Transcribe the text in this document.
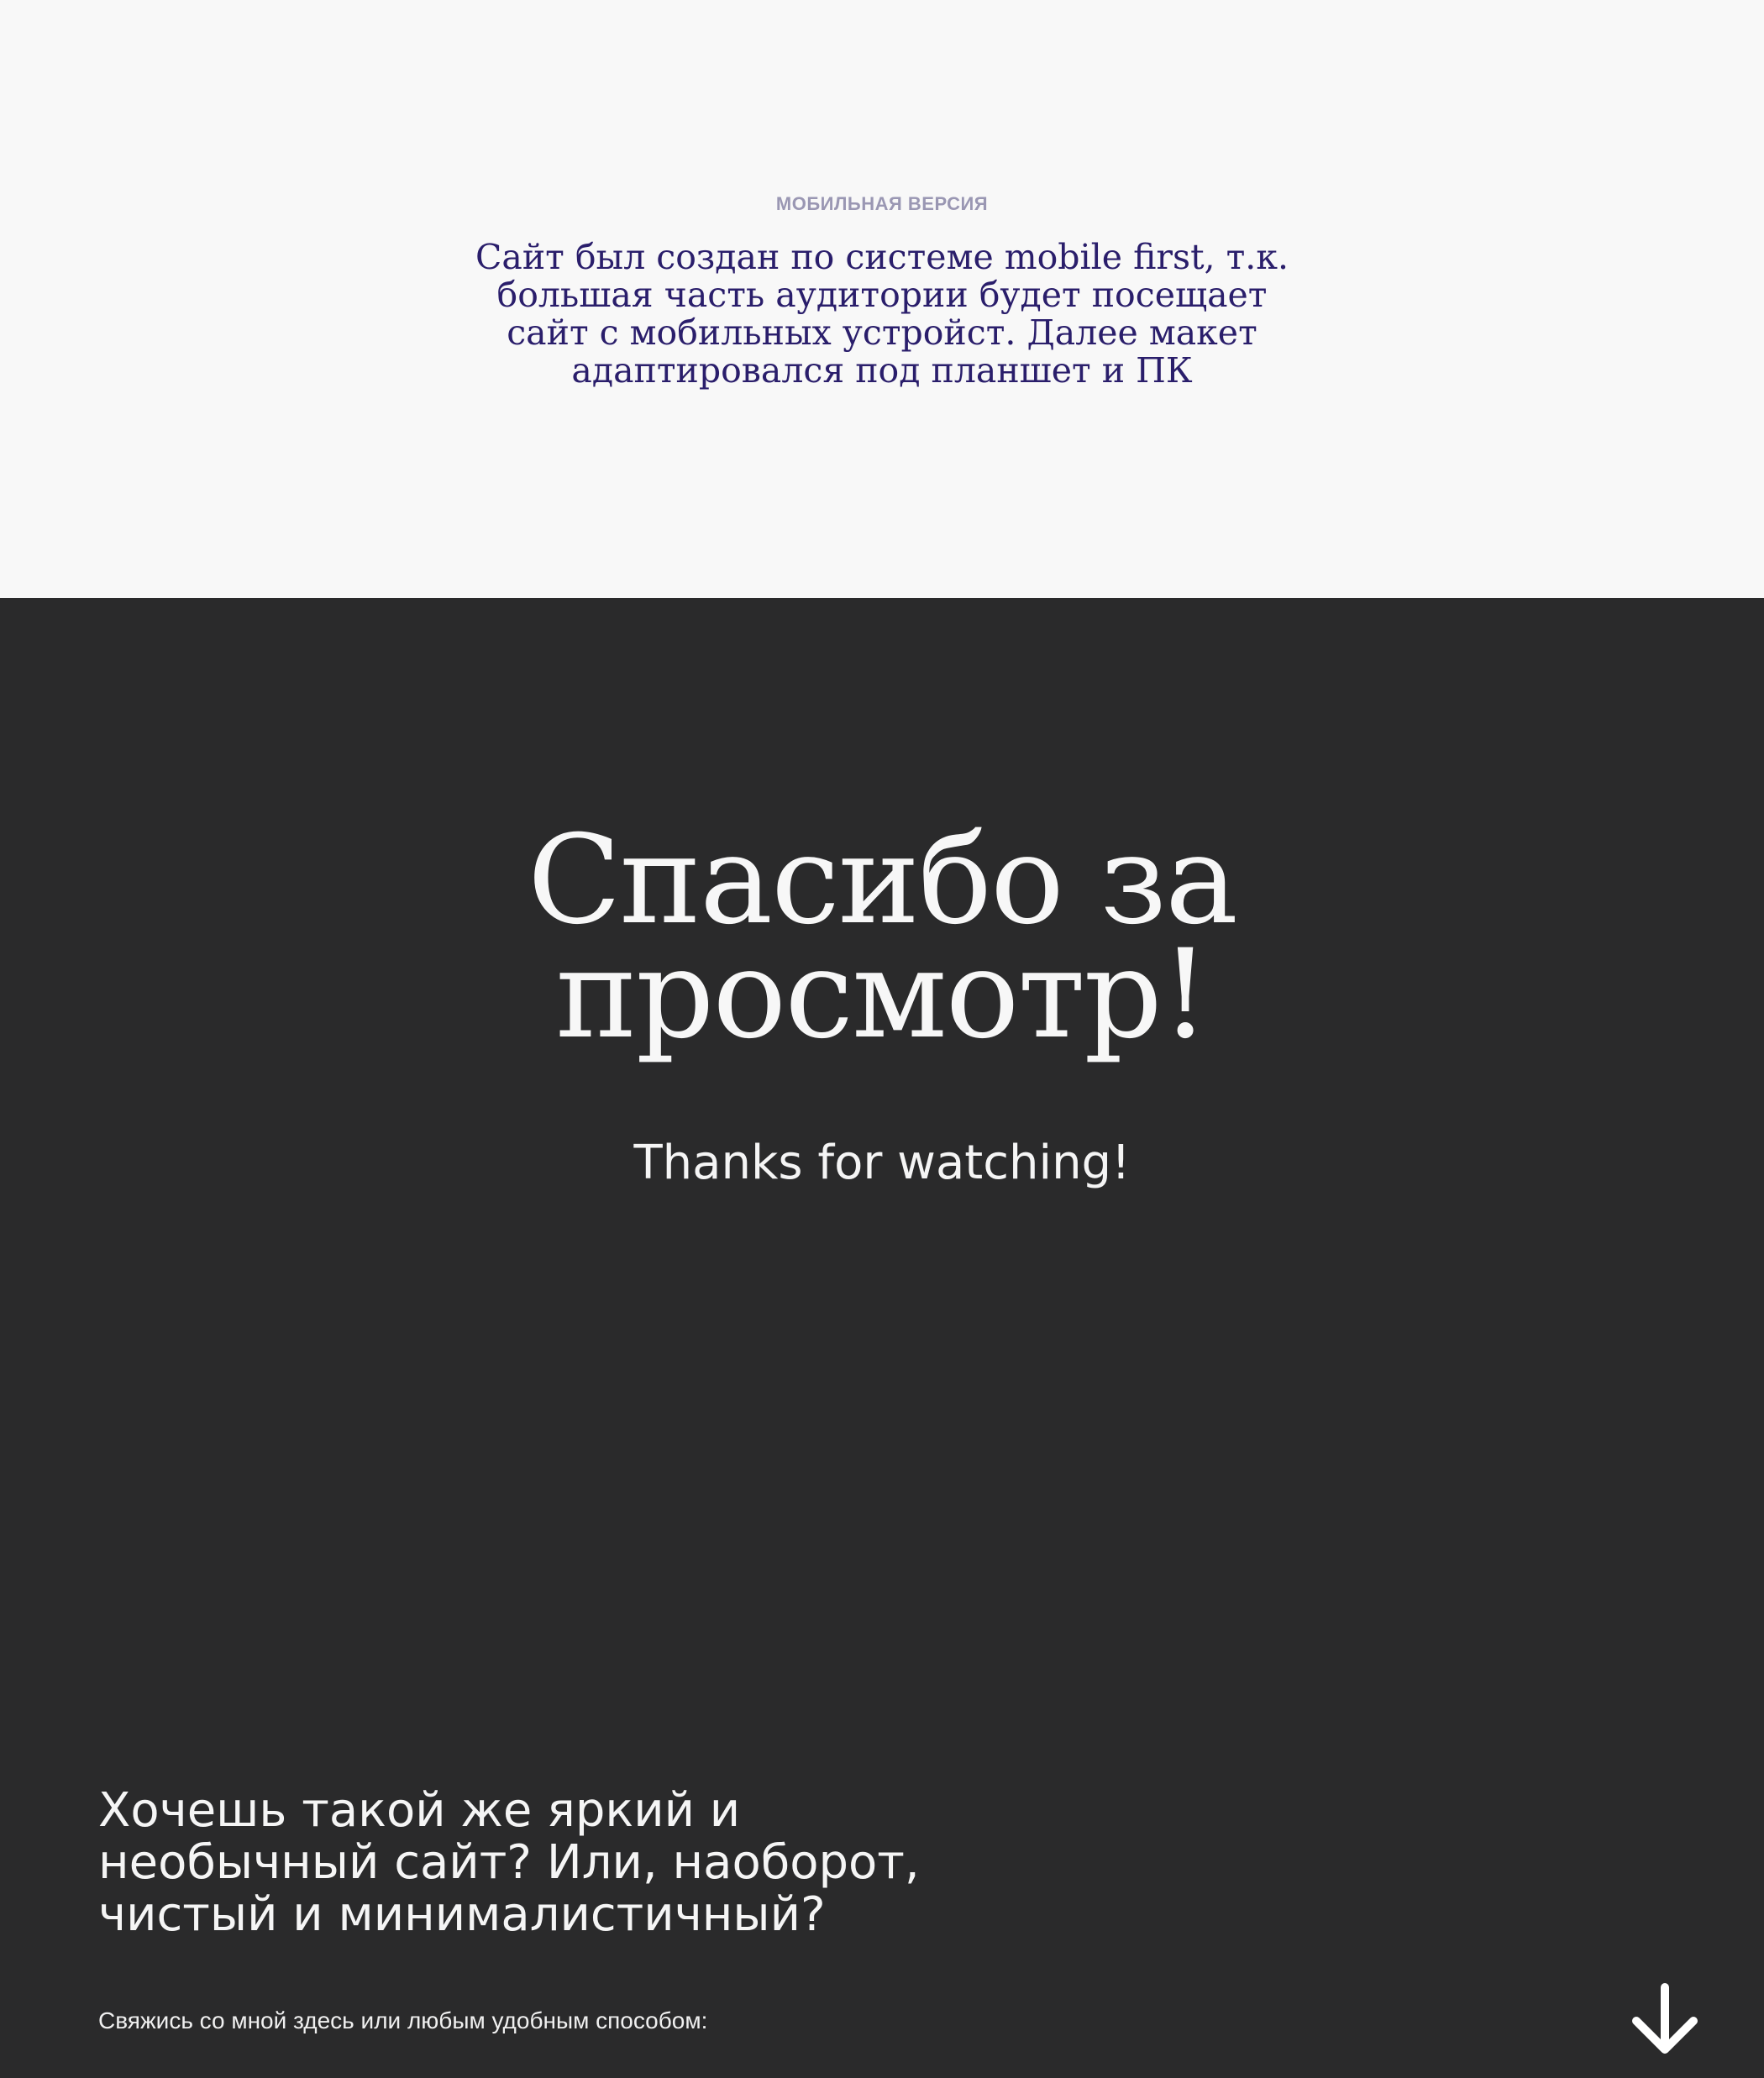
МОБИЛЬНАЯ ВЕРСИЯ

Сайт был создан по системе mobile first, т.к.
большая часть аудитории будет посещает
сайт с мобильных устройст. Далее макет
адаптировался под планшет и ПК

Спасибо за
просмотр!
Thanks for watching!
Хочешь такой же яркий и
необычный сайт? Или, наоборот,
чистый и минималистичный?
Свяжись со мной здесь или любым удобным способом:
